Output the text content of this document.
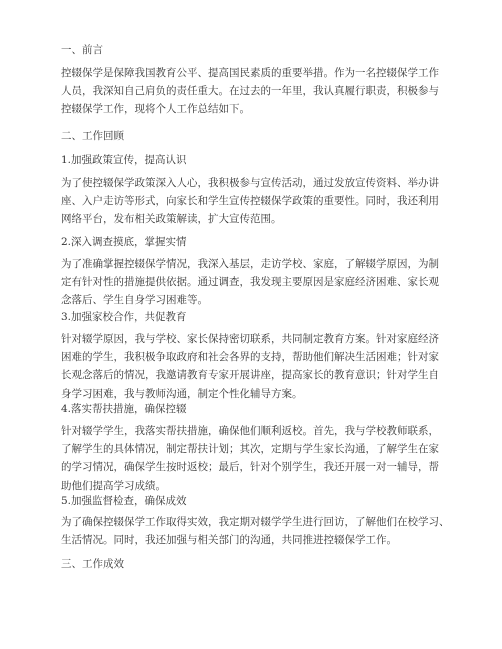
一、前言
控辍保学是保障我国教育公平、提高国民素质的重要举措。作为一名控辍保学工作
人员，我深知自己肩负的责任重大。在过去的一年里，我认真履行职责，积极参与
控辍保学工作，现将个人工作总结如下。
二、工作回顾
1.加强政策宣传，提高认识
为了使控辍保学政策深入人心，我积极参与宣传活动，通过发放宣传资料、举办讲
座、入户走访等形式，向家长和学生宣传控辍保学政策的重要性。同时，我还利用
网络平台，发布相关政策解读，扩大宣传范围。
2.深入调查摸底，掌握实情
为了准确掌握控辍保学情况，我深入基层，走访学校、家庭，了解辍学原因，为制
定有针对性的措施提供依据。通过调查，我发现主要原因是家庭经济困难、家长观
念落后、学生自身学习困难等。
3.加强家校合作，共促教育
针对辍学原因，我与学校、家长保持密切联系，共同制定教育方案。针对家庭经济
困难的学生，我积极争取政府和社会各界的支持，帮助他们解决生活困难；针对家
长观念落后的情况，我邀请教育专家开展讲座，提高家长的教育意识；针对学生自
身学习困难，我与教师沟通，制定个性化辅导方案。
4.落实帮扶措施，确保控辍
针对辍学学生，我落实帮扶措施，确保他们顺利返校。首先，我与学校教师联系，
了解学生的具体情况，制定帮扶计划；其次，定期与学生家长沟通，了解学生在家
的学习情况，确保学生按时返校；最后，针对个别学生，我还开展一对一辅导，帮
助他们提高学习成绩。
5.加强监督检查，确保成效
为了确保控辍保学工作取得实效，我定期对辍学学生进行回访，了解他们在校学习、
生活情况。同时，我还加强与相关部门的沟通，共同推进控辍保学工作。
三、工作成效
